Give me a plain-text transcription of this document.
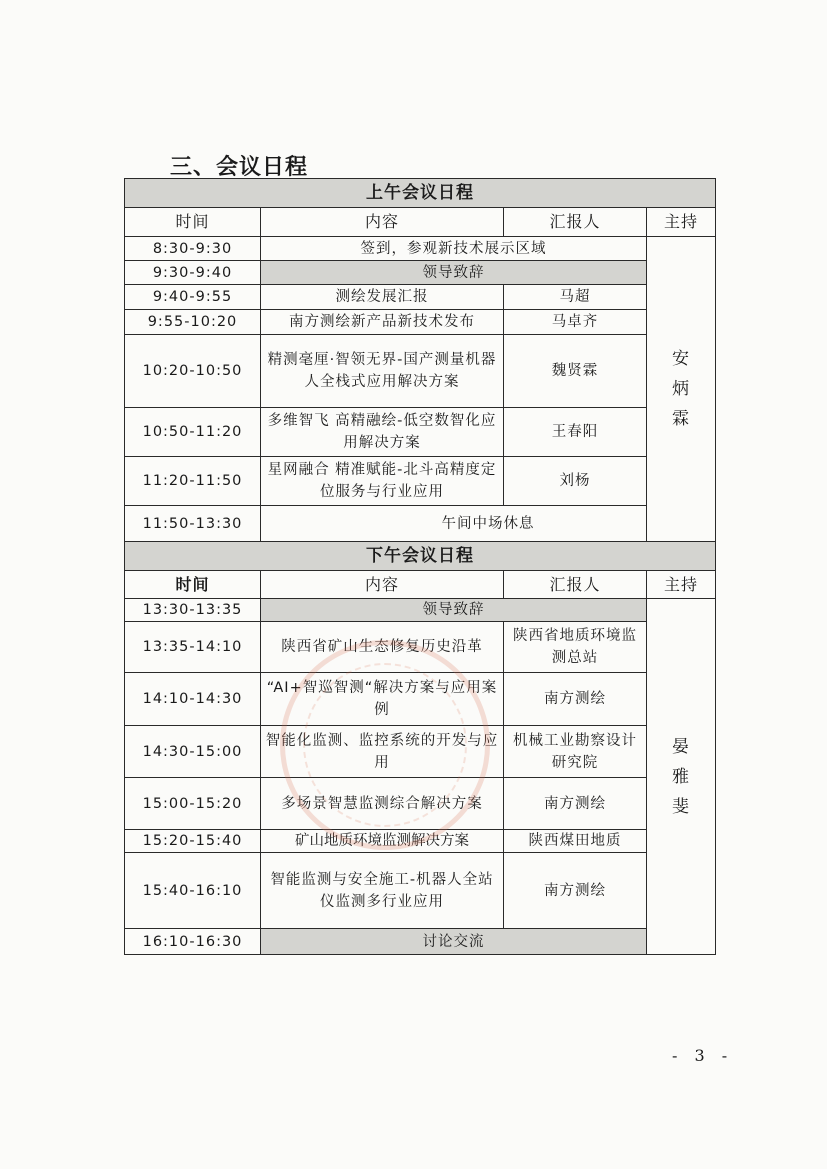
三、会议日程
上午会议日程			
时间	内容	汇报人	主持
8:30-9:30	签到，参观新技术展示区域		安
炳
霖
9:30-9:40	领导致辞		
9:40-9:55	测绘发展汇报	马超	
9:55-10:20	南方测绘新产品新技术发布	马卓齐	
10:20-10:50	精测毫厘·智领无界-国产测量机器人全栈式应用解决方案	魏贤霖	
10:50-11:20	多维智飞 高精融绘-低空数智化应用解决方案	王春阳	
11:20-11:50	星网融合 精准赋能-北斗高精度定位服务与行业应用	刘杨	
11:50-13:30	午间中场休息		
下午会议日程			
时间	内容	汇报人	主持
13:30-13:35	领导致辞		晏
雅
斐
13:35-14:10	陕西省矿山生态修复历史沿革	陕西省地质环境监测总站	
14:10-14:30	“AI+智巡智测“解决方案与应用案例	南方测绘	
14:30-15:00	智能化监测、监控系统的开发与应用	机械工业勘察设计研究院	
15:00-15:20	多场景智慧监测综合解决方案	南方测绘	
15:20-15:40	矿山地质环境监测解决方案	陕西煤田地质	
15:40-16:10	智能监测与安全施工-机器人全站仪监测多行业应用	南方测绘	
16:10-16:30	讨论交流		
- 3 -
